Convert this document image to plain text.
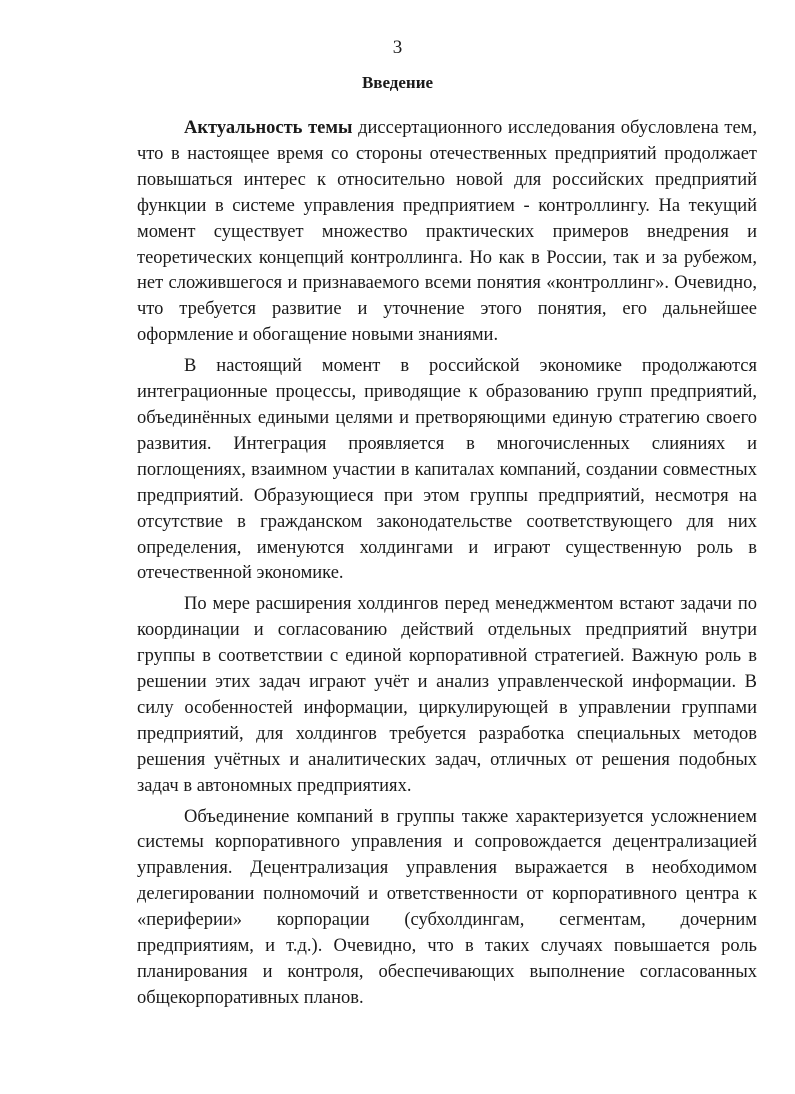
3
Введение

Актуальность темы диссертационного исследования обусловлена тем, что в настоящее время со стороны отечественных предприятий продолжает повышаться интерес к относительно новой для российских предприятий функции в системе управления предприятием - контроллингу. На текущий момент существует множество практических примеров внедрения и теоретических концепций контроллинга. Но как в России, так и за рубежом, нет сложившегося и признаваемого всеми понятия «контроллинг». Очевидно, что требуется развитие и уточнение этого понятия, его дальнейшее оформление и обогащение новыми знаниями.

В настоящий момент в российской экономике продолжаются интеграционные процессы, приводящие к образованию групп предприятий, объединённых едиными целями и претворяющими единую стратегию своего развития. Интеграция проявляется в многочисленных слияниях и поглощениях, взаимном участии в капиталах компаний, создании совместных предприятий. Образующиеся при этом группы предприятий, несмотря на отсутствие в гражданском законодательстве соответствующего для них определения, именуются холдингами и играют существенную роль в отечественной экономике.

По мере расширения холдингов перед менеджментом встают задачи по координации и согласованию действий отдельных предприятий внутри группы в соответствии с единой корпоративной стратегией. Важную роль в решении этих задач играют учёт и анализ управленческой информации. В силу особенностей информации, циркулирующей в управлении группами предприятий, для холдингов требуется разработка специальных методов решения учётных и аналитических задач, отличных от решения подобных задач в автономных предприятиях.

Объединение компаний в группы также характеризуется усложнением системы корпоративного управления и сопровождается децентрализацией управления. Децентрализация управления выражается в необходимом делегировании полномочий и ответственности от корпоративного центра к «периферии» корпорации (субхолдингам, сегментам, дочерним предприятиям, и т.д.). Очевидно, что в таких случаях повышается роль планирования и контроля, обеспечивающих выполнение согласованных общекорпоративных планов.
